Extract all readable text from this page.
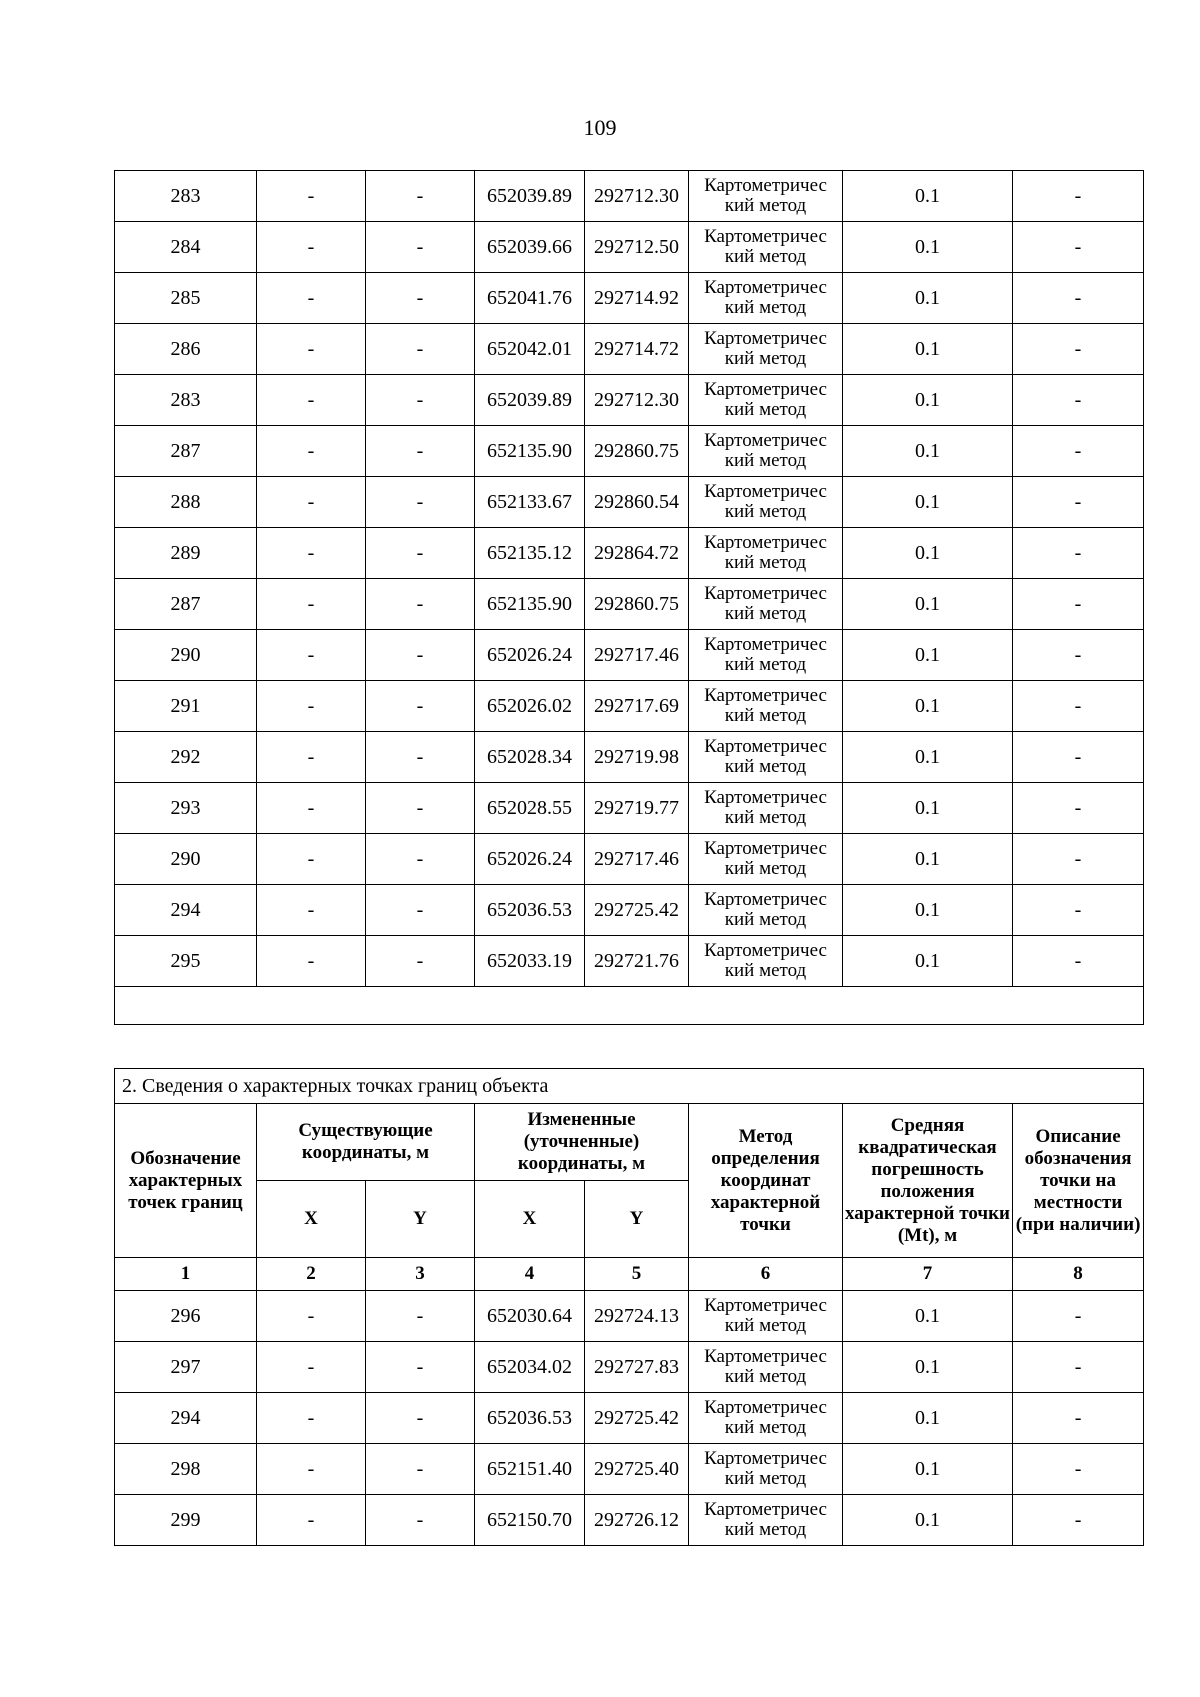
109
283	-	-	652039.89	292712.30	Картометричес кий метод	0.1	-
284	-	-	652039.66	292712.50	Картометричес кий метод	0.1	-
285	-	-	652041.76	292714.92	Картометричес кий метод	0.1	-
286	-	-	652042.01	292714.72	Картометричес кий метод	0.1	-
283	-	-	652039.89	292712.30	Картометричес кий метод	0.1	-
287	-	-	652135.90	292860.75	Картометричес кий метод	0.1	-
288	-	-	652133.67	292860.54	Картометричес кий метод	0.1	-
289	-	-	652135.12	292864.72	Картометричес кий метод	0.1	-
287	-	-	652135.90	292860.75	Картометричес кий метод	0.1	-
290	-	-	652026.24	292717.46	Картометричес кий метод	0.1	-
291	-	-	652026.02	292717.69	Картометричес кий метод	0.1	-
292	-	-	652028.34	292719.98	Картометричес кий метод	0.1	-
293	-	-	652028.55	292719.77	Картометричес кий метод	0.1	-
290	-	-	652026.24	292717.46	Картометричес кий метод	0.1	-
294	-	-	652036.53	292725.42	Картометричес кий метод	0.1	-
295	-	-	652033.19	292721.76	Картометричес кий метод	0.1	-

2. Сведения о характерных точках границ объекта							
Обозначение характерных точек границ	Существующие координаты, м		Измененные (уточненные) координаты, м		Метод определения координат характерной точки	Средняя квадратическая погрешность положения характерной точки (Mt), м	Описание обозначения точки на местности (при наличии)
	X	Y	X	Y			
1	2	3	4	5	6	7	8
296	-	-	652030.64	292724.13	Картометричес кий метод	0.1	-
297	-	-	652034.02	292727.83	Картометричес кий метод	0.1	-
294	-	-	652036.53	292725.42	Картометричес кий метод	0.1	-
298	-	-	652151.40	292725.40	Картометричес кий метод	0.1	-
299	-	-	652150.70	292726.12	Картометричес кий метод	0.1	-
